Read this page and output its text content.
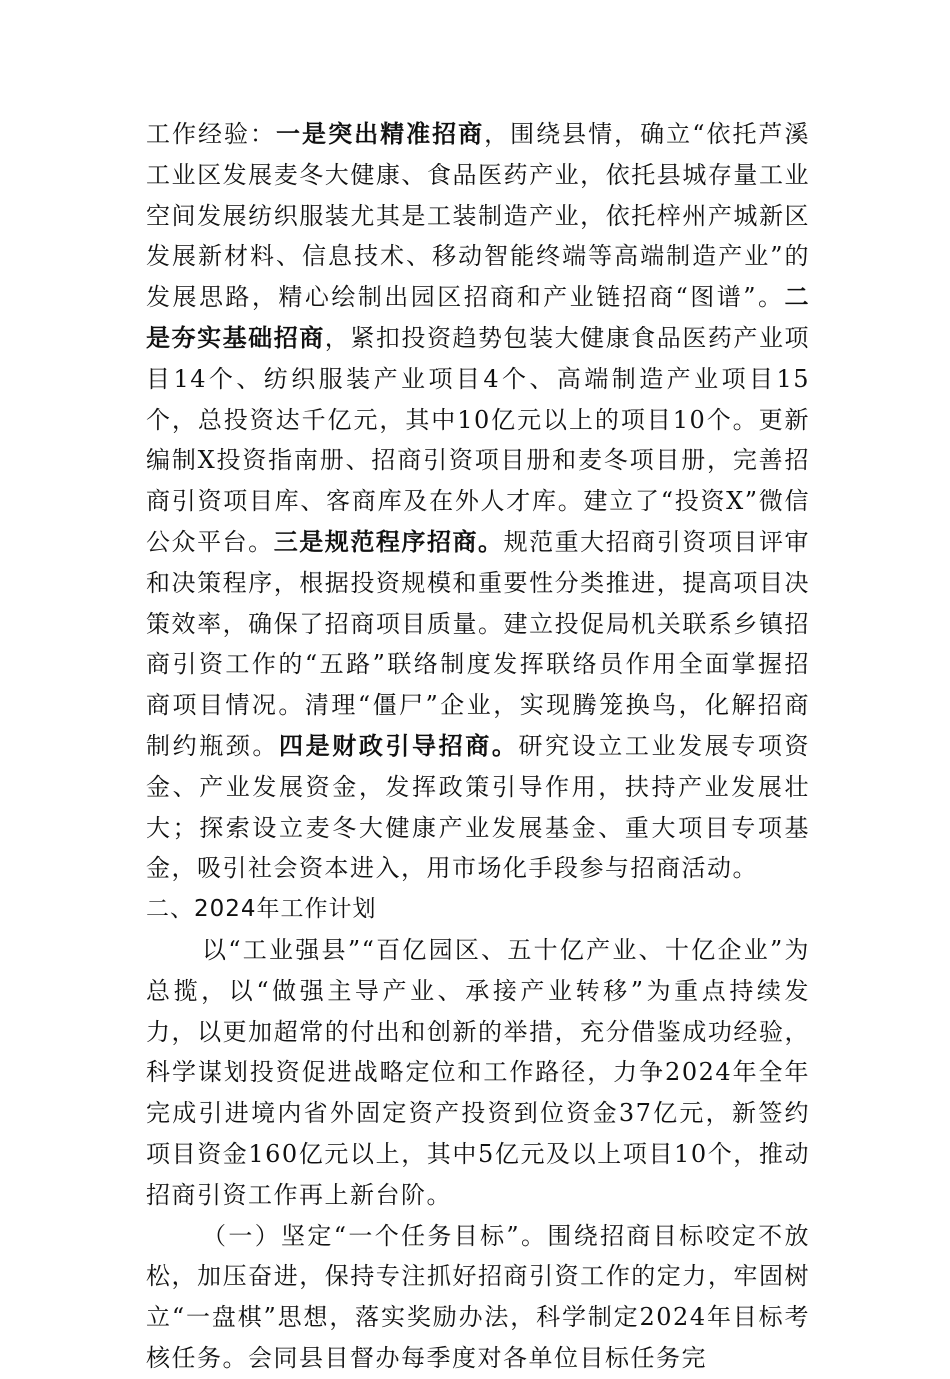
工作经验：一是突出精准招商，围绕县情，确立“依托芦溪工业区发展麦冬大健康、食品医药产业，依托县城存量工业空间发展纺织服装尤其是工装制造产业，依托梓州产城新区发展新材料、信息技术、移动智能终端等高端制造产业”的发展思路，精心绘制出园区招商和产业链招商“图谱”。二是夯实基础招商，紧扣投资趋势包装大健康食品医药产业项目14个、纺织服装产业项目4个、高端制造产业项目15个，总投资达千亿元，其中10亿元以上的项目10个。更新编制X投资指南册、招商引资项目册和麦冬项目册，完善招商引资项目库、客商库及在外人才库。建立了“投资X”微信公众平台。三是规范程序招商。规范重大招商引资项目评审和决策程序，根据投资规模和重要性分类推进，提高项目决策效率，确保了招商项目质量。建立投促局机关联系乡镇招商引资工作的“五路”联络制度发挥联络员作用全面掌握招商项目情况。清理“僵尸”企业，实现腾笼换鸟，化解招商制约瓶颈。四是财政引导招商。研究设立工业发展专项资金、产业发展资金，发挥政策引导作用，扶持产业发展壮大；探索设立麦冬大健康产业发展基金、重大项目专项基金，吸引社会资本进入，用市场化手段参与招商活动。

二、2024年工作计划

以“工业强县”“百亿园区、五十亿产业、十亿企业”为总揽，以“做强主导产业、承接产业转移”为重点持续发力，以更加超常的付出和创新的举措，充分借鉴成功经验，科学谋划投资促进战略定位和工作路径，力争2024年全年完成引进境内省外固定资产投资到位资金37亿元，新签约项目资金160亿元以上，其中5亿元及以上项目10个，推动招商引资工作再上新台阶。

（一）坚定“一个任务目标”。围绕招商目标咬定不放松，加压奋进，保持专注抓好招商引资工作的定力，牢固树立“一盘棋”思想，落实奖励办法，科学制定2024年目标考核任务。会同县目督办每季度对各单位目标任务完
